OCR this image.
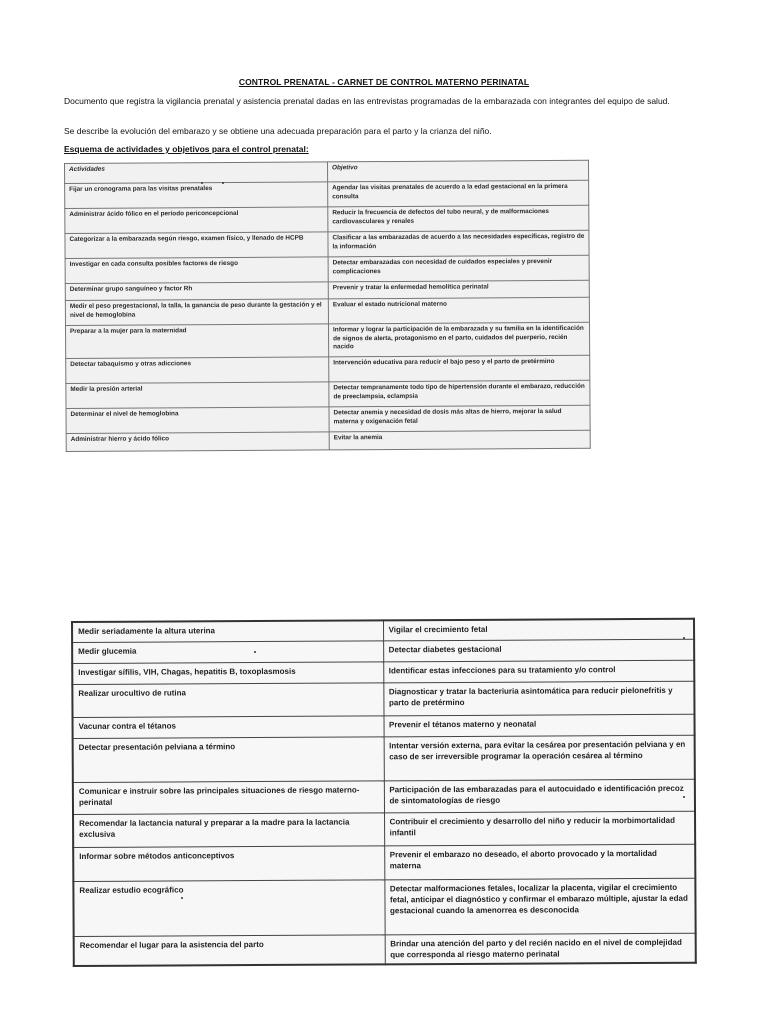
CONTROL PRENATAL - CARNET DE CONTROL MATERNO PERINATAL
Documento que registra la vigilancia prenatal y asistencia prenatal dadas en las entrevistas programadas de la embarazada con integrantes del equipo de salud.
Se describe la evolución del embarazo y se obtiene una adecuada preparación para el parto y la crianza del niño.
Esquema de actividades y objetivos para el control prenatal:
Actividades	Objetivo
Fijar un cronograma para las visitas prenatales	Agendar las visitas prenatales de acuerdo a la edad gestacional en la primera consulta
Administrar ácido fólico en el período periconcepcional	Reducir la frecuencia de defectos del tubo neural, y de malformaciones cardiovasculares y renales
Categorizar a la embarazada según riesgo, examen físico, y llenado de HCPB	Clasificar a las embarazadas de acuerdo a las necesidades específicas, registro de la información
Investigar en cada consulta posibles factores de riesgo	Detectar embarazadas con necesidad de cuidados especiales y prevenir complicaciones
Determinar grupo sanguíneo y factor Rh	Prevenir y tratar la enfermedad hemolítica perinatal
Medir el peso pregestacional, la talla, la ganancia de peso durante la gestación y el nivel de hemoglobina	Evaluar el estado nutricional materno
Preparar a la mujer para la maternidad	Informar y lograr la participación de la embarazada y su familia en la identificación de signos de alerta, protagonismo en el parto, cuidados del puerperio, recién nacido
Detectar tabaquismo y otras adicciones	Intervención educativa para reducir el bajo peso y el parto de pretérmino
Medir la presión arterial	Detectar tempranamente todo tipo de hipertensión durante el embarazo, reducción de preeclampsia, eclampsia
Determinar el nivel de hemoglobina	Detectar anemia y necesidad de dosis más altas de hierro, mejorar la salud materna y oxigenación fetal
Administrar hierro y ácido fólico	Evitar la anemia
Medir seriadamente la altura uterina	Vigilar el crecimiento fetal
Medir glucemia	Detectar diabetes gestacional
Investigar sífilis, VIH, Chagas, hepatitis B, toxoplasmosis	Identificar estas infecciones para su tratamiento y/o control
Realizar urocultivo de rutina	Diagnosticar y tratar la bacteriuria asintomática para reducir pielonefritis y parto de pretérmino
Vacunar contra el tétanos	Prevenir el tétanos materno y neonatal
Detectar presentación pelviana a término	Intentar versión externa, para evitar la cesárea por presentación pelviana y en caso de ser irreversible programar la operación cesárea al término
Comunicar e instruir sobre las principales situaciones de riesgo materno-perinatal	Participación de las embarazadas para el autocuidado e identificación precoz de sintomatologías de riesgo
Recomendar la lactancia natural y preparar a la madre para la lactancia exclusiva	Contribuir el crecimiento y desarrollo del niño y reducir la morbimortalidad infantil
Informar sobre métodos anticonceptivos	Prevenir el embarazo no deseado, el aborto provocado y la mortalidad materna
Realizar estudio ecográfico	Detectar malformaciones fetales, localizar la placenta, vigilar el crecimiento fetal, anticipar el diagnóstico y confirmar el embarazo múltiple, ajustar la edad gestacional cuando la amenorrea es desconocida
Recomendar el lugar para la asistencia del parto	Brindar una atención del parto y del recién nacido en el nivel de complejidad que corresponda al riesgo materno perinatal
